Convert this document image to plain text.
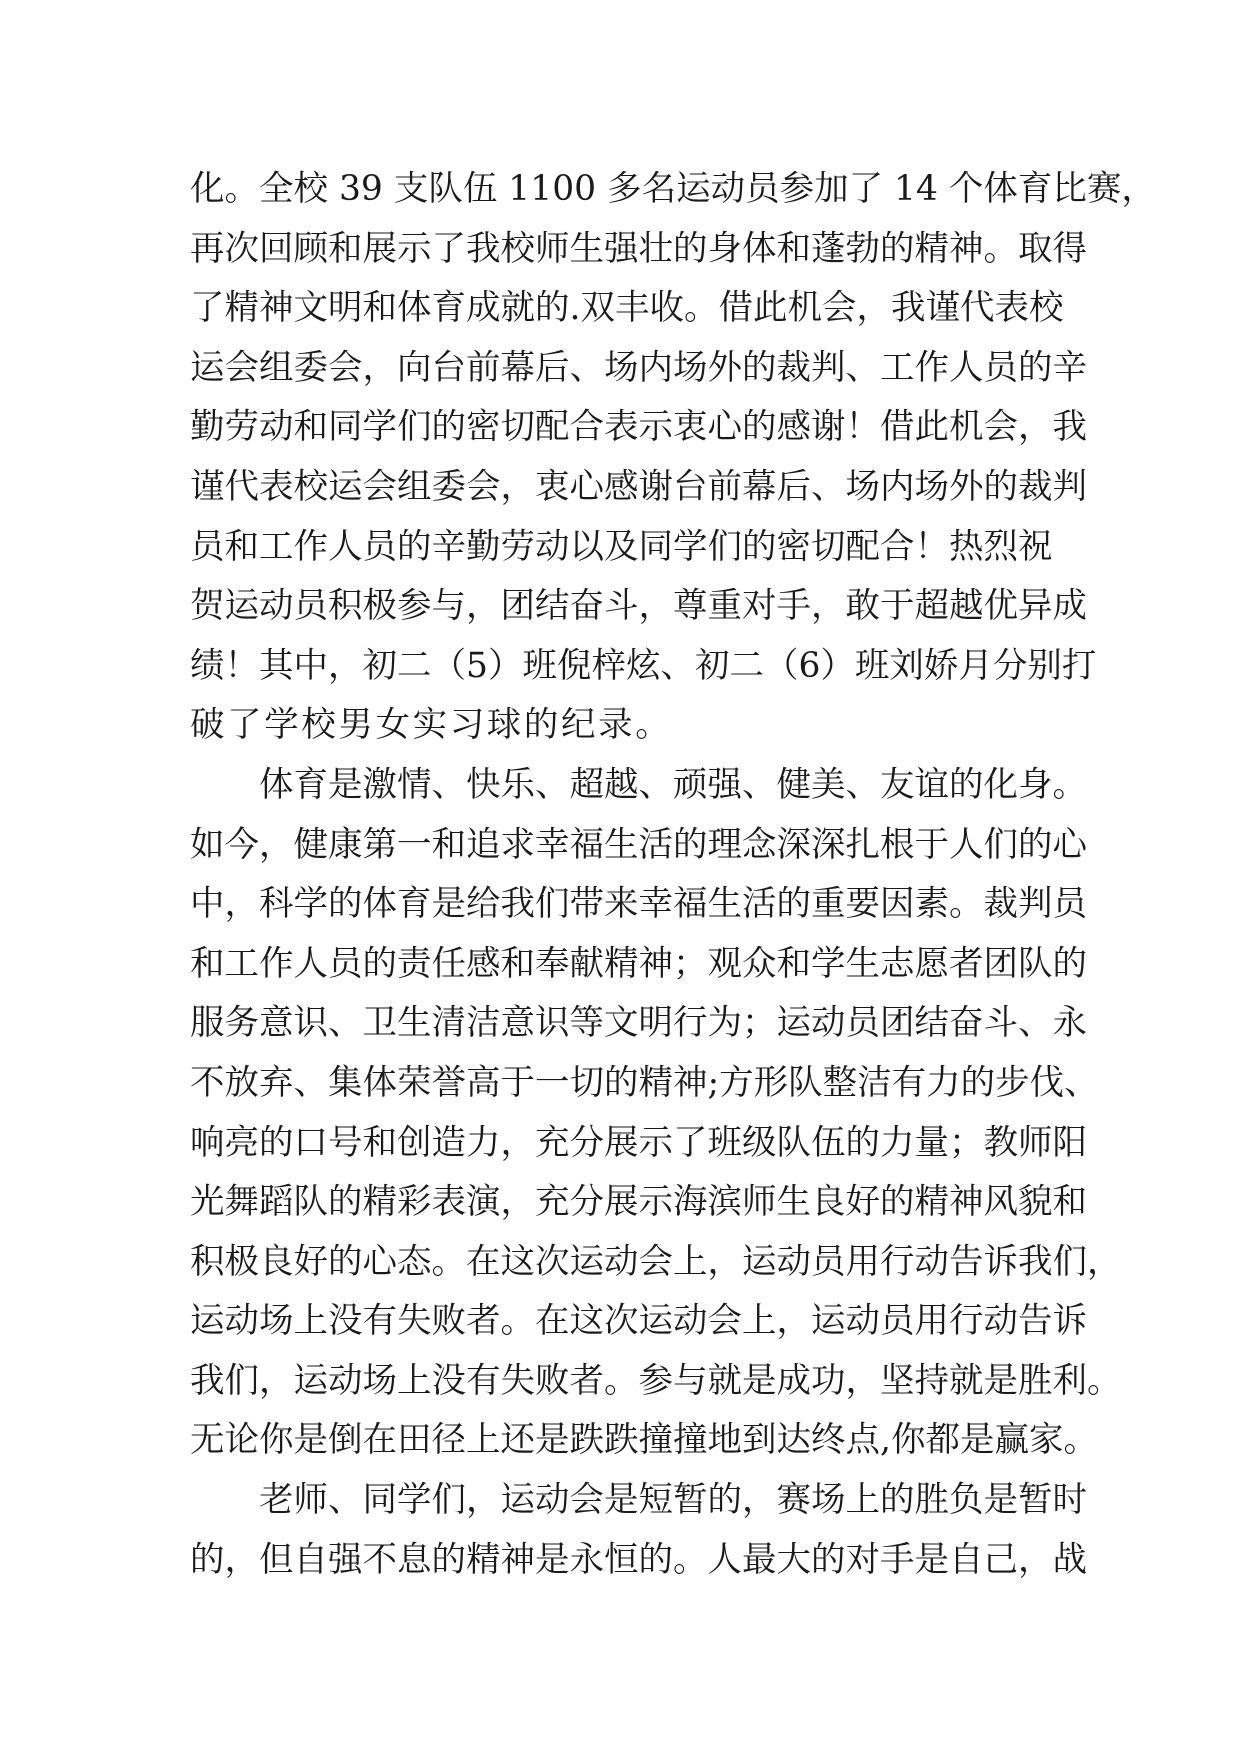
化。全校 39 支队伍 1100 多名运动员参加了 14 个体育比赛，
再次回顾和展示了我校师生强壮的身体和蓬勃的精神。取得
了精神文明和体育成就的.双丰收。借此机会，我谨代表校
运会组委会，向台前幕后、场内场外的裁判、工作人员的辛
勤劳动和同学们的密切配合表示衷心的感谢！借此机会，我
谨代表校运会组委会，衷心感谢台前幕后、场内场外的裁判
员和工作人员的辛勤劳动以及同学们的密切配合！热烈祝
贺运动员积极参与，团结奋斗，尊重对手，敢于超越优异成
绩！其中，初二（5）班倪梓炫、初二（6）班刘娇月分别打
破了学校男女实习球的纪录。
体育是激情、快乐、超越、顽强、健美、友谊的化身。
如今，健康第一和追求幸福生活的理念深深扎根于人们的心
中，科学的体育是给我们带来幸福生活的重要因素。裁判员
和工作人员的责任感和奉献精神；观众和学生志愿者团队的
服务意识、卫生清洁意识等文明行为；运动员团结奋斗、永
不放弃、集体荣誉高于一切的精神;方形队整洁有力的步伐、
响亮的口号和创造力，充分展示了班级队伍的力量；教师阳
光舞蹈队的精彩表演，充分展示海滨师生良好的精神风貌和
积极良好的心态。在这次运动会上，运动员用行动告诉我们，
运动场上没有失败者。在这次运动会上，运动员用行动告诉
我们，运动场上没有失败者。参与就是成功，坚持就是胜利。
无论你是倒在田径上还是跌跌撞撞地到达终点,你都是赢家。
老师、同学们，运动会是短暂的，赛场上的胜负是暂时
的，但自强不息的精神是永恒的。人最大的对手是自己，战
